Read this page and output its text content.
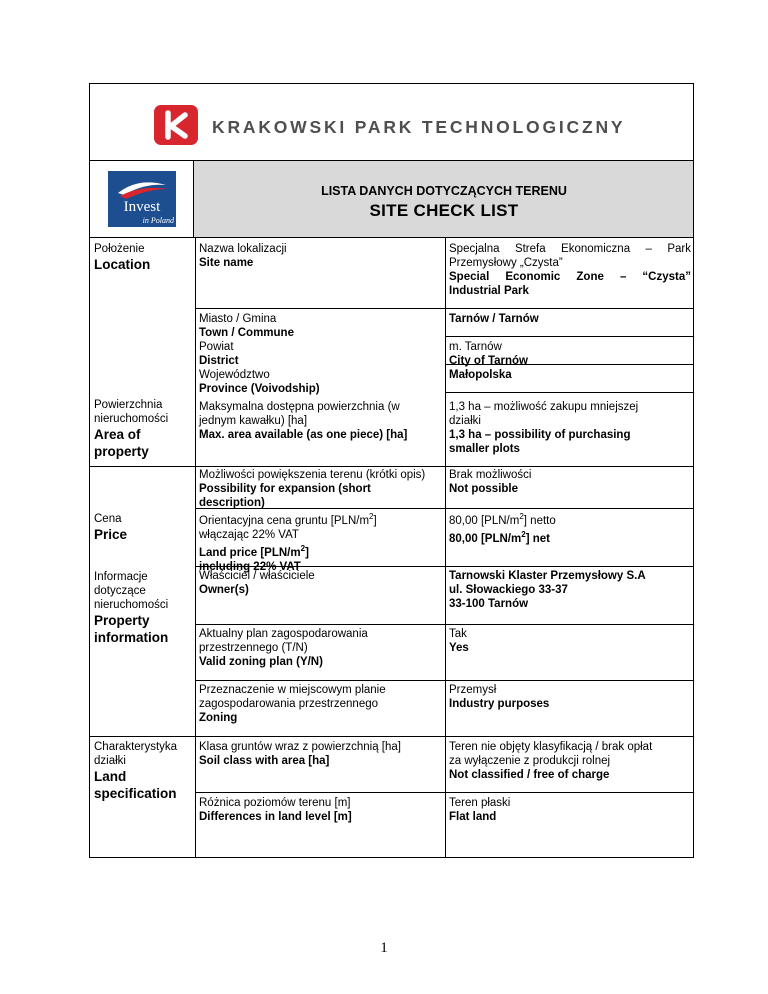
KRAKOWSKI PARK TECHNOLOGICZNY
Invest
in Poland
LISTA DANYCH DOTYCZĄCYCH TERENU
SITE CHECK LIST
Położenie
Location
Powierzchnia
nieruchomości
Area of
property
Cena
Price
Informacje
dotyczące
nieruchomości
Property
information
Charakterystyka
działki
Land
specification
Nazwa lokalizacji
Site name
Specjalna Strefa Ekonomiczna – Park
Przemysłowy „Czysta”
Special Economic Zone – “Czysta”
Industrial Park
Miasto / Gmina
Town / Commune
Tarnów / Tarnów
Powiat
District
m. Tarnów
City of Tarnów
Województwo
Province (Voivodship)
Małopolska
Maksymalna dostępna powierzchnia (w
jednym kawałku) [ha]
Max. area available (as one piece) [ha]
1,3 ha – możliwość zakupu mniejszej
działki
1,3 ha – possibility of purchasing
smaller plots
Możliwości powiększenia terenu (krótki opis)
Possibility for expansion (short
description)
Brak możliwości
Not possible
Orientacyjna cena gruntu $[PLN/m^2]$
włączając 22% VAT
Land price $[PLN/m^2]$
including 22% VAT
80,00 $[PLN/m^2]$ netto
80,00 $[PLN/m^2]$ net
Właściciel / właściciele
Owner(s)
Tarnowski Klaster Przemysłowy S.A
ul. Słowackiego 33-37
33-100 Tarnów
Aktualny plan zagospodarowania
przestrzennego (T/N)
Valid zoning plan (Y/N)
Tak
Yes
Przeznaczenie w miejscowym planie
zagospodarowania przestrzennego
Zoning
Przemysł
Industry purposes
Klasa gruntów wraz z powierzchnią [ha]
Soil class with area [ha]
Teren nie objęty klasyfikacją / brak opłat
za wyłączenie z produkcji rolnej
Not classified / free of charge
Różnica poziomów terenu [m]
Differences in land level [m]
Teren płaski
Flat land
1
